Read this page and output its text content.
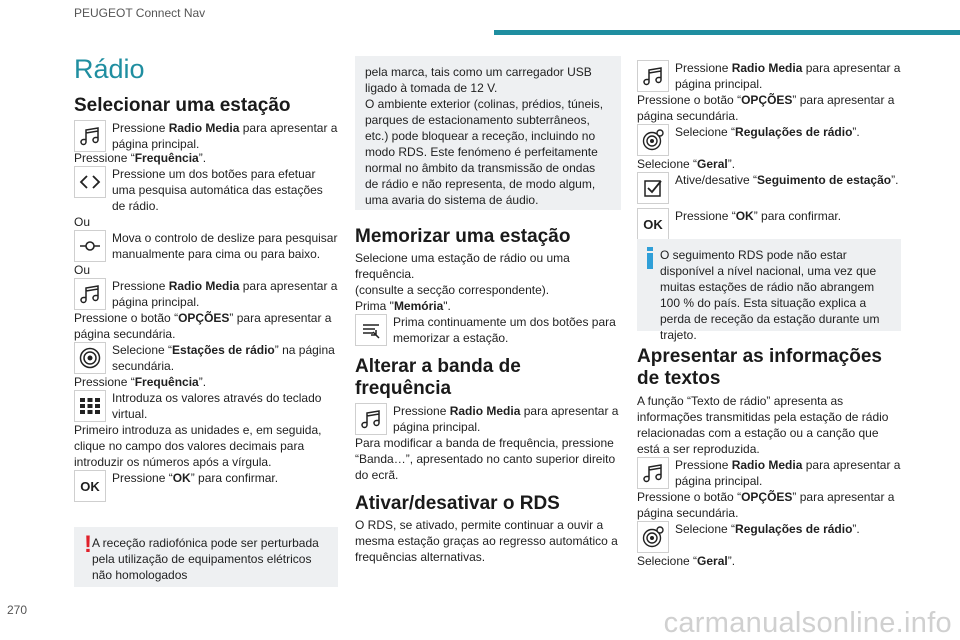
PEUGEOT Connect Nav
270	carmanualsonline.info
Rádio
Selecionar uma estação

Pressione Radio Media para apresentar a página principal.

Pressione “Frequência”.

Pressione um dos botões para efetuar uma pesquisa automática das estações de rádio.

Ou

Mova o controlo de deslize para pesquisar manualmente para cima ou para baixo.

Ou

Pressione Radio Media para apresentar a página principal.

Pressione o botão “OPÇÕES” para apresentar a página secundária.

Selecione “Estações de rádio” na página secundária.

Pressione “Frequência”.

Introduza os valores através do teclado virtual.

Primeiro introduza as unidades e, em seguida, clique no campo dos valores decimais para introduzir os números após a vírgula.

OK

Pressione “OK” para confirmar.

! A receção radiofónica pode ser perturbada pela utilização de equipamentos elétricos não homologados
pela marca, tais como um carregador USB ligado à tomada de 12 V.
O ambiente exterior (colinas, prédios, túneis, parques de estacionamento subterrâneos, etc.) pode bloquear a receção, incluindo no modo RDS. Este fenómeno é perfeitamente normal no âmbito da transmissão de ondas de rádio e não representa, de modo algum, uma avaria do sistema de áudio.
Memorizar uma estação

Selecione uma estação de rádio ou uma frequência.

(consulte a secção correspondente).

Prima "Memória".

Prima continuamente um dos botões para memorizar a estação.

Alterar a banda de frequência

Pressione Radio Media para apresentar a página principal.

Para modificar a banda de frequência, pressione “Banda…”, apresentado no canto superior direito do ecrã.

Ativar/desativar o RDS

O RDS, se ativado, permite continuar a ouvir a mesma estação graças ao regresso automático a frequências alternativas.

Pressione Radio Media para apresentar a página principal.

Pressione o botão “OPÇÕES” para apresentar a página secundária.

Selecione “Regulações de rádio”.

Selecione “Geral”.

Ative/desative “Seguimento de estação”.

OK

Pressione “OK” para confirmar.

O seguimento RDS pode não estar disponível a nível nacional, uma vez que muitas estações de rádio não abrangem 100 % do país. Esta situação explica a perda de receção da estação durante um trajeto.
Apresentar as informações de textos

A função “Texto de rádio” apresenta as informações transmitidas pela estação de rádio relacionadas com a estação ou a canção que está a ser reproduzida.

Pressione Radio Media para apresentar a página principal.

Pressione o botão “OPÇÕES” para apresentar a página secundária.

Selecione “Regulações de rádio”.

Selecione “Geral”.
